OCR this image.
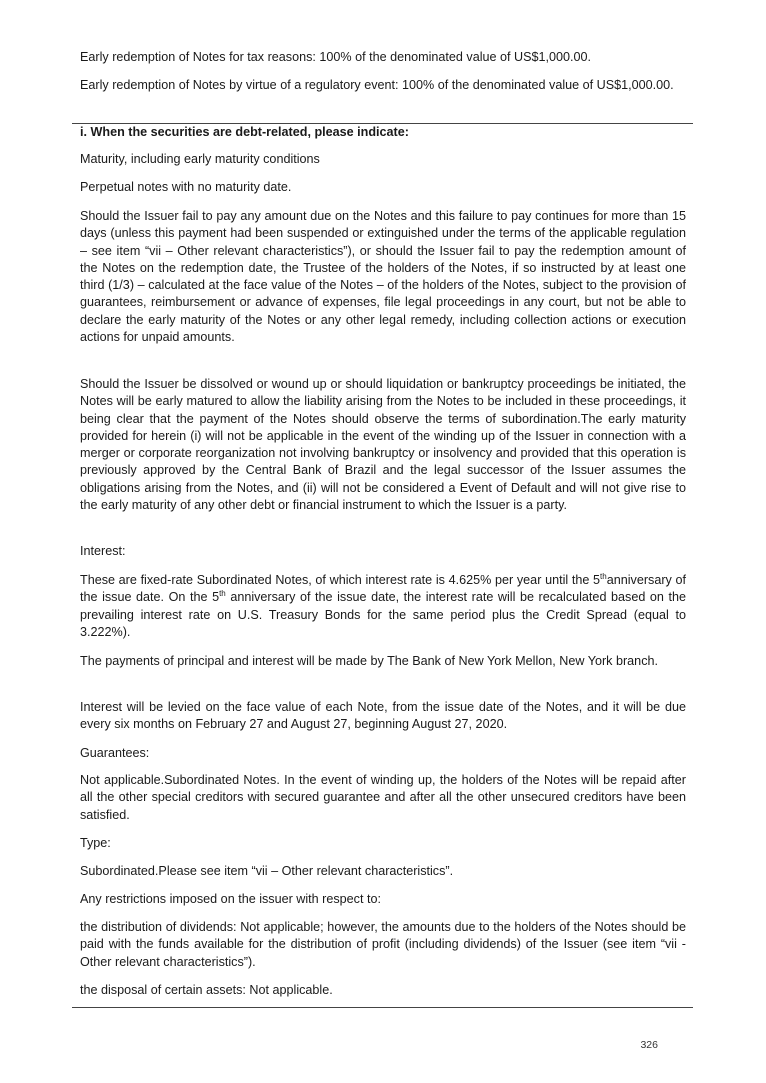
Early redemption of Notes for tax reasons: 100% of the denominated value of US$1,000.00.

Early redemption of Notes by virtue of a regulatory event: 100% of the denominated value of US$1,000.00.

i. When the securities are debt-related, please indicate:

Maturity, including early maturity conditions

Perpetual notes with no maturity date.

Should the Issuer fail to pay any amount due on the Notes and this failure to pay continues for more than 15 days (unless this payment had been suspended or extinguished under the terms of the applicable regulation – see item “vii – Other relevant characteristics”), or should the Issuer fail to pay the redemption amount of the Notes on the redemption date, the Trustee of the holders of the Notes, if so instructed by at least one third (1/3) – calculated at the face value of the Notes – of the holders of the Notes, subject to the provision of guarantees, reimbursement or advance of expenses, file legal proceedings in any court, but not be able to declare the early maturity of the Notes or any other legal remedy, including collection actions or execution actions for unpaid amounts.

Should the Issuer be dissolved or wound up or should liquidation or bankruptcy proceedings be initiated, the Notes will be early matured to allow the liability arising from the Notes to be included in these proceedings, it being clear that the payment of the Notes should observe the terms of subordination.The early maturity provided for herein (i) will not be applicable in the event of the winding up of the Issuer in connection with a merger or corporate reorganization not involving bankruptcy or insolvency and provided that this operation is previously approved by the Central Bank of Brazil and the legal successor of the Issuer assumes the obligations arising from the Notes, and (ii) will not be considered a Event of Default and will not give rise to the early maturity of any other debt or financial instrument to which the Issuer is a party.

Interest:

These are fixed-rate Subordinated Notes, of which interest rate is 4.625% per year until the 5thanniversary of the issue date. On the 5th anniversary of the issue date, the interest rate will be recalculated based on the prevailing interest rate on U.S. Treasury Bonds for the same period plus the Credit Spread (equal to 3.222%).

The payments of principal and interest will be made by The Bank of New York Mellon, New York branch.

Interest will be levied on the face value of each Note, from the issue date of the Notes, and it will be due every six months on February 27 and August 27, beginning August 27, 2020.

Guarantees:

Not applicable.Subordinated Notes. In the event of winding up, the holders of the Notes will be repaid after all the other special creditors with secured guarantee and after all the other unsecured creditors have been satisfied.

Type:

Subordinated.Please see item “vii – Other relevant characteristics”.

Any restrictions imposed on the issuer with respect to:

the distribution of dividends: Not applicable; however, the amounts due to the holders of the Notes should be paid with the funds available for the distribution of profit (including dividends) of the Issuer (see item “vii - Other relevant characteristics”).

the disposal of certain assets: Not applicable.

326
